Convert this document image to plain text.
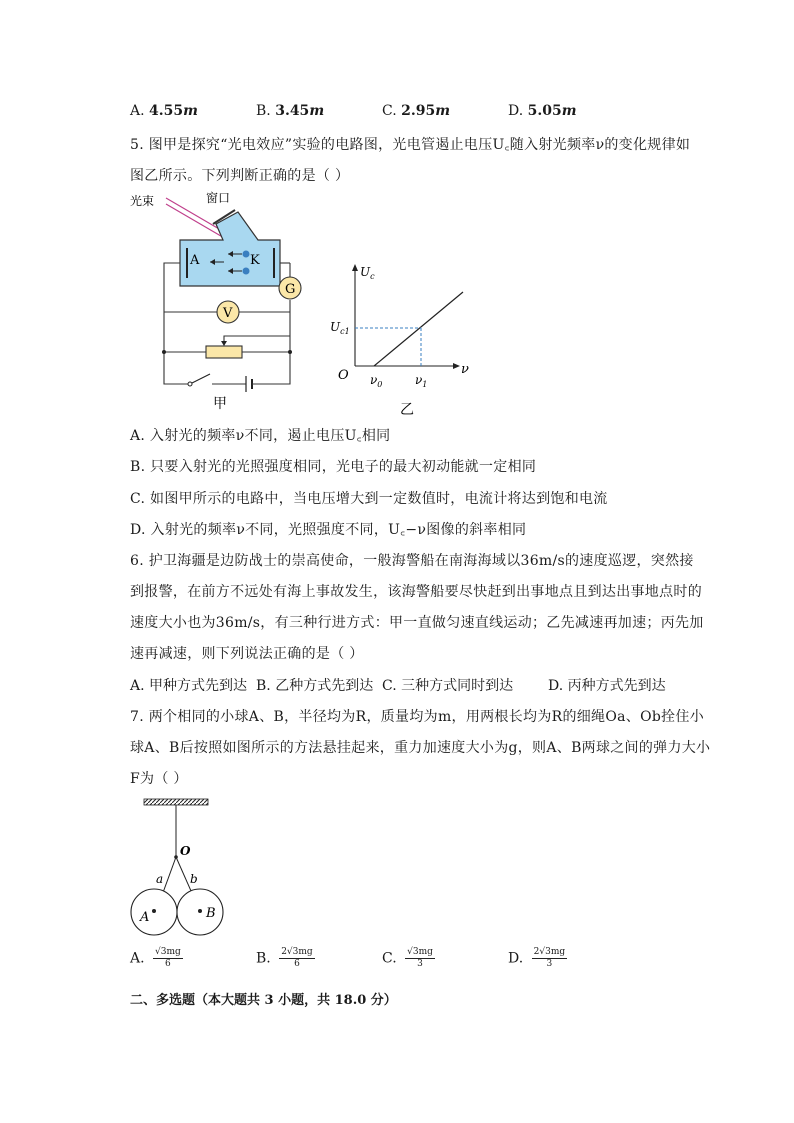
A. 4.55m	B. 3.45m	C. 2.95m	D. 5.05m
5. 图甲是探究“光电效应”实验的电路图，光电管遏止电压U꜀随入射光频率ν的变化规律如
图乙所示。下列判断正确的是（ ）
光束	窗口
A	K
G
V
甲
$U_c$
$U_{c1}$
O $\nu_0$	$\nu_1$
ν
乙
A. 入射光的频率ν不同，遏止电压U꜀相同
B. 只要入射光的光照强度相同，光电子的最大初动能就一定相同
C. 如图甲所示的电路中，当电压增大到一定数值时，电流计将达到饱和电流
D. 入射光的频率ν不同，光照强度不同，U꜀−ν图像的斜率相同
6. 护卫海疆是边防战士的崇高使命，一般海警船在南海海域以36m/s的速度巡逻，突然接
到报警，在前方不远处有海上事故发生，该海警船要尽快赶到出事地点且到达出事地点时的
速度大小也为36m/s，有三种行进方式：甲一直做匀速直线运动；乙先减速再加速；丙先加
速再减速，则下列说法正确的是（ ）
A. 甲种方式先到达 B. 乙种方式先到达 C. 三种方式同时到达 D. 丙种方式先到达
7. 两个相同的小球A、B，半径均为R，质量均为m，用两根长均为R的细绳Oa、Ob拴住小
球A、B后按照如图所示的方法悬挂起来，重力加速度大小为g，则A、B两球之间的弹力大小
F为（ ）
O
a b
A	B
A. $\frac{√3mg}{6}$	B. $\frac{2√3mg}{6}$	C. $\frac{√3mg}{3}$	D. $\frac{2√3mg}{3}$
二、多选题（本大题共 3 小题，共 18.0 分）
